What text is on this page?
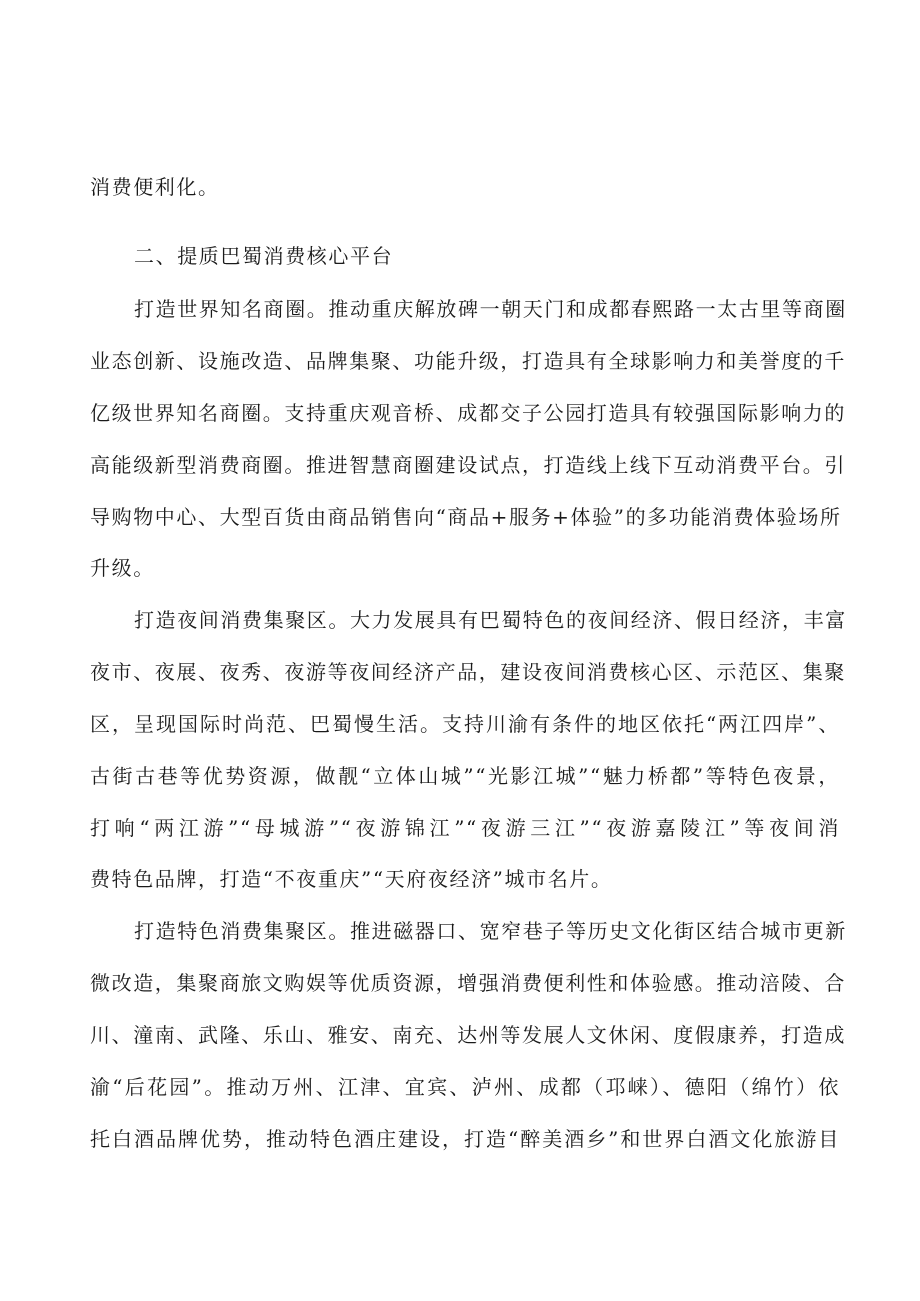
消费便利化。
二、提质巴蜀消费核心平台
打造世界知名商圈。推动重庆解放碑一朝天门和成都春熙路一太古里等商圈
业态创新、设施改造、品牌集聚、功能升级，打造具有全球影响力和美誉度的千
亿级世界知名商圈。支持重庆观音桥、成都交子公园打造具有较强国际影响力的
高能级新型消费商圈。推进智慧商圈建设试点，打造线上线下互动消费平台。引
导购物中心、大型百货由商品销售向“商品+服务+体验”的多功能消费体验场所
升级。
打造夜间消费集聚区。大力发展具有巴蜀特色的夜间经济、假日经济，丰富
夜市、夜展、夜秀、夜游等夜间经济产品，建设夜间消费核心区、示范区、集聚
区，呈现国际时尚范、巴蜀慢生活。支持川渝有条件的地区依托“两江四岸”、
古街古巷等优势资源，做靓“立体山城”“光影江城”“魅力桥都”等特色夜景，
打响“两江游”“母城游”“夜游锦江”“夜游三江”“夜游嘉陵江”等夜间消
费特色品牌，打造“不夜重庆”“天府夜经济”城市名片。
打造特色消费集聚区。推进磁器口、宽窄巷子等历史文化街区结合城市更新
微改造，集聚商旅文购娱等优质资源，增强消费便利性和体验感。推动涪陵、合
川、潼南、武隆、乐山、雅安、南充、达州等发展人文休闲、度假康养，打造成
渝“后花园”。推动万州、江津、宜宾、泸州、成都（邛崃）、德阳（绵竹）依
托白酒品牌优势，推动特色酒庄建设，打造“醉美酒乡”和世界白酒文化旅游目
